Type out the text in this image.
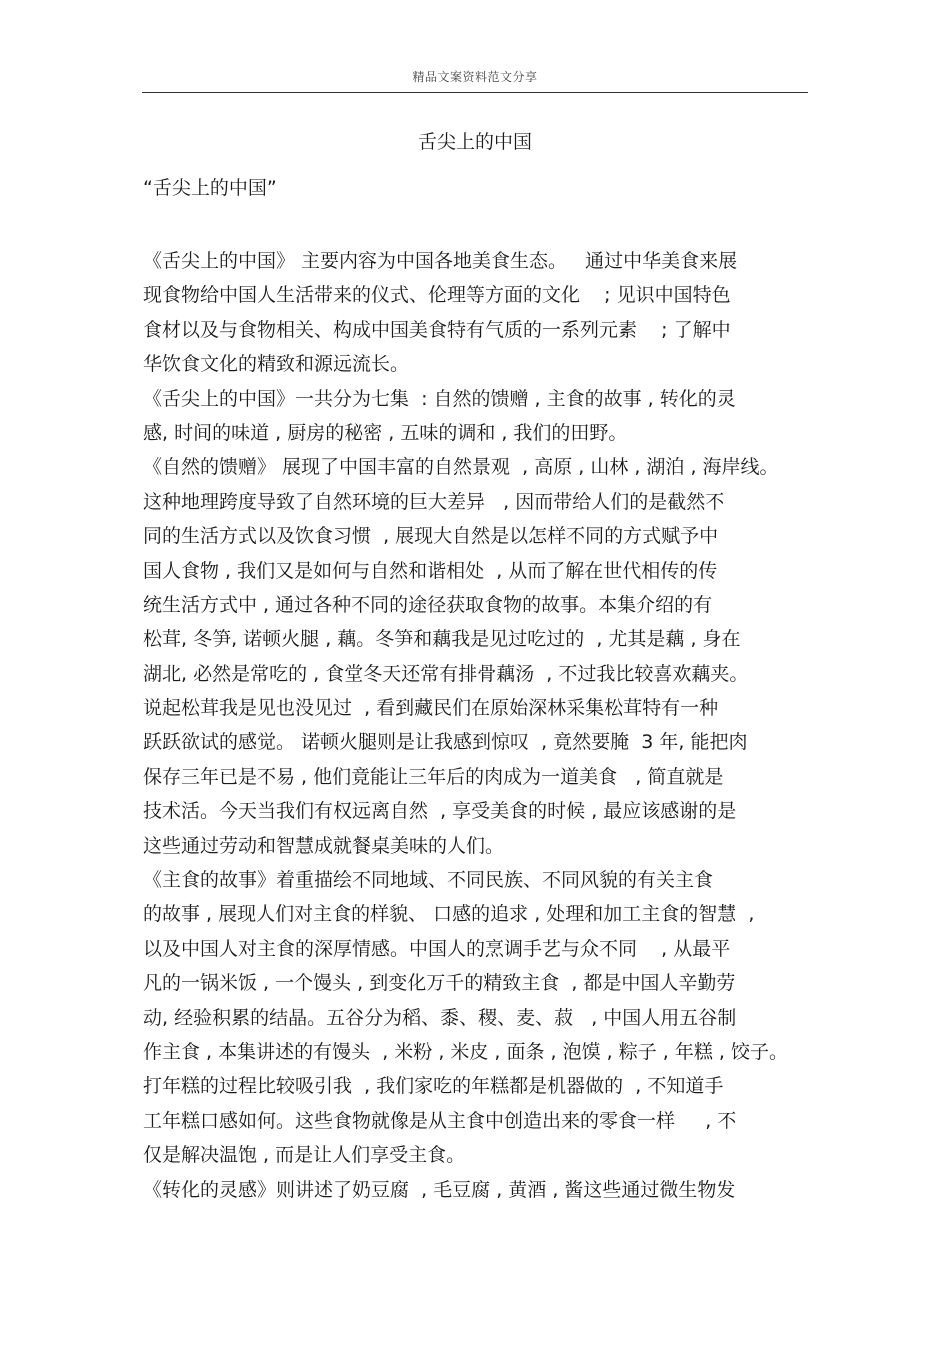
精品文案资料范文分享
舌尖上的中国
“舌尖上的中国”
《舌尖上的中国》 主要内容为中国各地美食生态。   通过中华美食来展
现食物给中国人生活带来的仪式、伦理等方面的文化    ; 见识中国特色
食材以及与食物相关、构成中国美食特有气质的一系列元素    ; 了解中
华饮食文化的精致和源远流长。
《舌尖上的中国》一共分为七集  : 自然的馈赠 , 主食的故事 , 转化的灵
感, 时间的味道 , 厨房的秘密 , 五味的调和 , 我们的田野。
《自然的馈赠》 展现了中国丰富的自然景观  , 高原 , 山林 , 湖泊 , 海岸线。
这种地理跨度导致了自然环境的巨大差异   , 因而带给人们的是截然不
同的生活方式以及饮食习惯  , 展现大自然是以怎样不同的方式赋予中
国人食物 , 我们又是如何与自然和谐相处  , 从而了解在世代相传的传
统生活方式中 , 通过各种不同的途径获取食物的故事。本集介绍的有
松茸, 冬笋, 诺顿火腿 , 藕。冬笋和藕我是见过吃过的  , 尤其是藕 , 身在
湖北, 必然是常吃的 , 食堂冬天还常有排骨藕汤  , 不过我比较喜欢藕夹。
说起松茸我是见也没见过  , 看到藏民们在原始深林采集松茸特有一种
跃跃欲试的感觉。 诺顿火腿则是让我感到惊叹  , 竟然要腌  3 年, 能把肉
保存三年已是不易 , 他们竟能让三年后的肉成为一道美食   , 简直就是
技术活。今天当我们有权远离自然  , 享受美食的时候 , 最应该感谢的是
这些通过劳动和智慧成就餐桌美味的人们。
《主食的故事》着重描绘不同地域、不同民族、不同风貌的有关主食
的故事 , 展现人们对主食的样貌、 口感的追求 , 处理和加工主食的智慧  ,
以及中国人对主食的深厚情感。中国人的烹调手艺与众不同    , 从最平
凡的一锅米饭 , 一个馒头 , 到变化万千的精致主食  , 都是中国人辛勤劳
动, 经验积累的结晶。五谷分为稻、黍、稷、麦、菽   , 中国人用五谷制
作主食 , 本集讲述的有馒头  , 米粉 , 米皮 , 面条 , 泡馍 , 粽子 , 年糕 , 饺子。
打年糕的过程比较吸引我  , 我们家吃的年糕都是机器做的  , 不知道手
工年糕口感如何。这些食物就像是从主食中创造出来的零食一样     , 不
仅是解决温饱 , 而是让人们享受主食。
《转化的灵感》则讲述了奶豆腐  , 毛豆腐 , 黄酒 , 酱这些通过微生物发
